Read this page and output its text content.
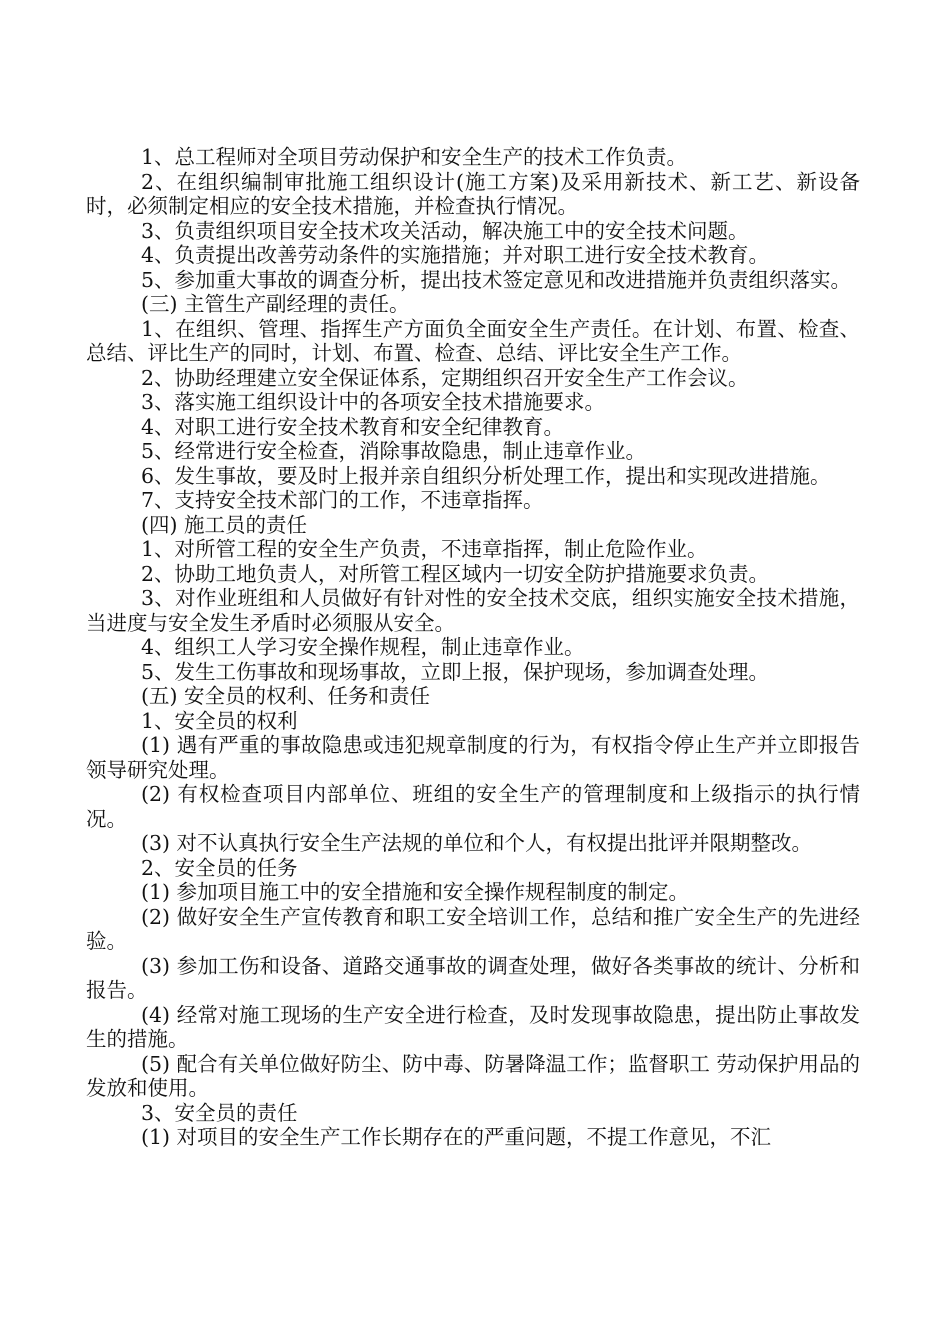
1、总工程师对全项目劳动保护和安全生产的技术工作负责。

2、在组织编制审批施工组织设计(施工方案)及采用新技术、新工艺、新设备时，必须制定相应的安全技术措施，并检查执行情况。

3、负责组织项目安全技术攻关活动，解决施工中的安全技术问题。

4、负责提出改善劳动条件的实施措施；并对职工进行安全技术教育。

5、参加重大事故的调查分析，提出技术签定意见和改进措施并负责组织落实。

(三) 主管生产副经理的责任。

1、在组织、管理、指挥生产方面负全面安全生产责任。在计划、布置、检查、总结、评比生产的同时，计划、布置、检查、总结、评比安全生产工作。

2、协助经理建立安全保证体系，定期组织召开安全生产工作会议。

3、落实施工组织设计中的各项安全技术措施要求。

4、对职工进行安全技术教育和安全纪律教育。

5、经常进行安全检查，消除事故隐患，制止违章作业。

6、发生事故，要及时上报并亲自组织分析处理工作，提出和实现改进措施。

7、支持安全技术部门的工作，不违章指挥。

(四) 施工员的责任

1、对所管工程的安全生产负责，不违章指挥，制止危险作业。

2、协助工地负责人，对所管工程区域内一切安全防护措施要求负责。

3、对作业班组和人员做好有针对性的安全技术交底，组织实施安全技术措施，当进度与安全发生矛盾时必须服从安全。

4、组织工人学习安全操作规程，制止违章作业。

5、发生工伤事故和现场事故，立即上报，保护现场，参加调查处理。

(五) 安全员的权利、任务和责任

1、安全员的权利

(1) 遇有严重的事故隐患或违犯规章制度的行为，有权指令停止生产并立即报告领导研究处理。

(2) 有权检查项目内部单位、班组的安全生产的管理制度和上级指示的执行情况。

(3) 对不认真执行安全生产法规的单位和个人，有权提出批评并限期整改。

2、安全员的任务

(1) 参加项目施工中的安全措施和安全操作规程制度的制定。

(2) 做好安全生产宣传教育和职工安全培训工作，总结和推广安全生产的先进经验。

(3) 参加工伤和设备、道路交通事故的调查处理，做好各类事故的统计、分析和报告。

(4) 经常对施工现场的生产安全进行检查，及时发现事故隐患，提出防止事故发生的措施。

(5) 配合有关单位做好防尘、防中毒、防暑降温工作；监督职工 劳动保护用品的发放和使用。

3、安全员的责任

(1) 对项目的安全生产工作长期存在的严重问题，不提工作意见，不汇
